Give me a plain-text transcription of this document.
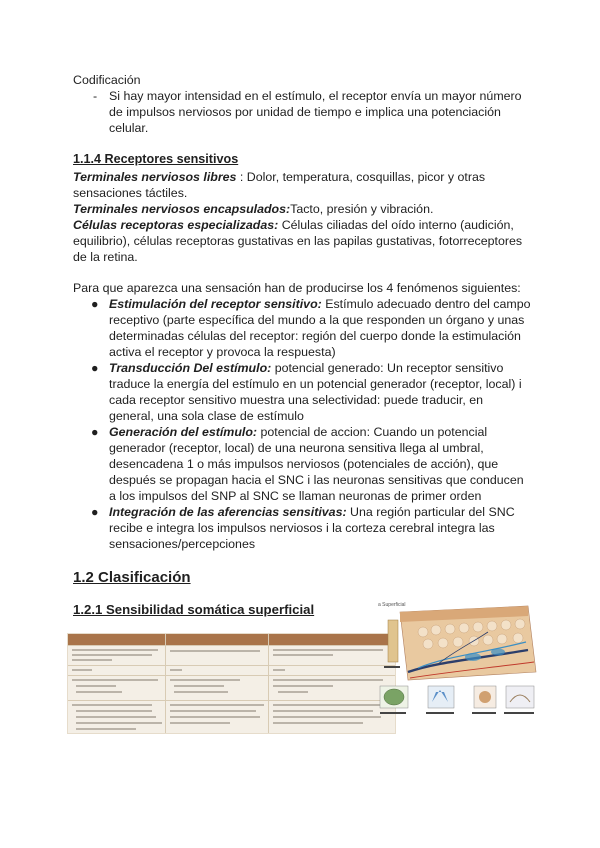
Codificación
- Si hay mayor intensidad en el estímulo, el receptor envía un mayor número de impulsos nerviosos por unidad de tiempo e implica una potenciación celular.
1.1.4 Receptores sensitivos
Terminales nerviosos libres : Dolor, temperatura, cosquillas, picor y otras sensaciones táctiles.
Terminales nerviosos encapsulados:Tacto, presión y vibración.
Células receptoras especializadas: Células ciliadas del oído interno (audición, equilibrio), células receptoras gustativas en las papilas gustativas, fotorreceptores de la retina.
Para que aparezca una sensación han de producirse los 4 fenómenos siguientes:
● Estimulación del receptor sensitivo: Estímulo adecuado dentro del campo receptivo (parte específica del mundo a la que responden un órgano y unas determinadas células del receptor: región del cuerpo donde la estimulación activa el receptor y provoca la respuesta)
● Transducción Del estímulo: potencial generado: Un receptor sensitivo traduce la energía del estímulo en un potencial generador (receptor, local) i cada receptor sensitivo muestra una selectividad: puede traducir, en general, una sola clase de estímulo
● Generación del estímulo: potencial de accion: Cuando un potencial generador (receptor, local) de una neurona sensitiva llega al umbral, desencadena 1 o más impulsos nerviosos (potenciales de acción), que después se propagan hacia el SNC i las neuronas sensitivas que conducen a los impulsos del SNP al SNC se llaman neuronas de primer orden
● Integración de las aferencias sensitivas: Una región particular del SNC recibe e integra los impulsos nerviosos i la corteza cerebral integra las sensaciones/percepciones
1.2 Clasificación
1.2.1 Sensibilidad somática superficial	a Superficial
